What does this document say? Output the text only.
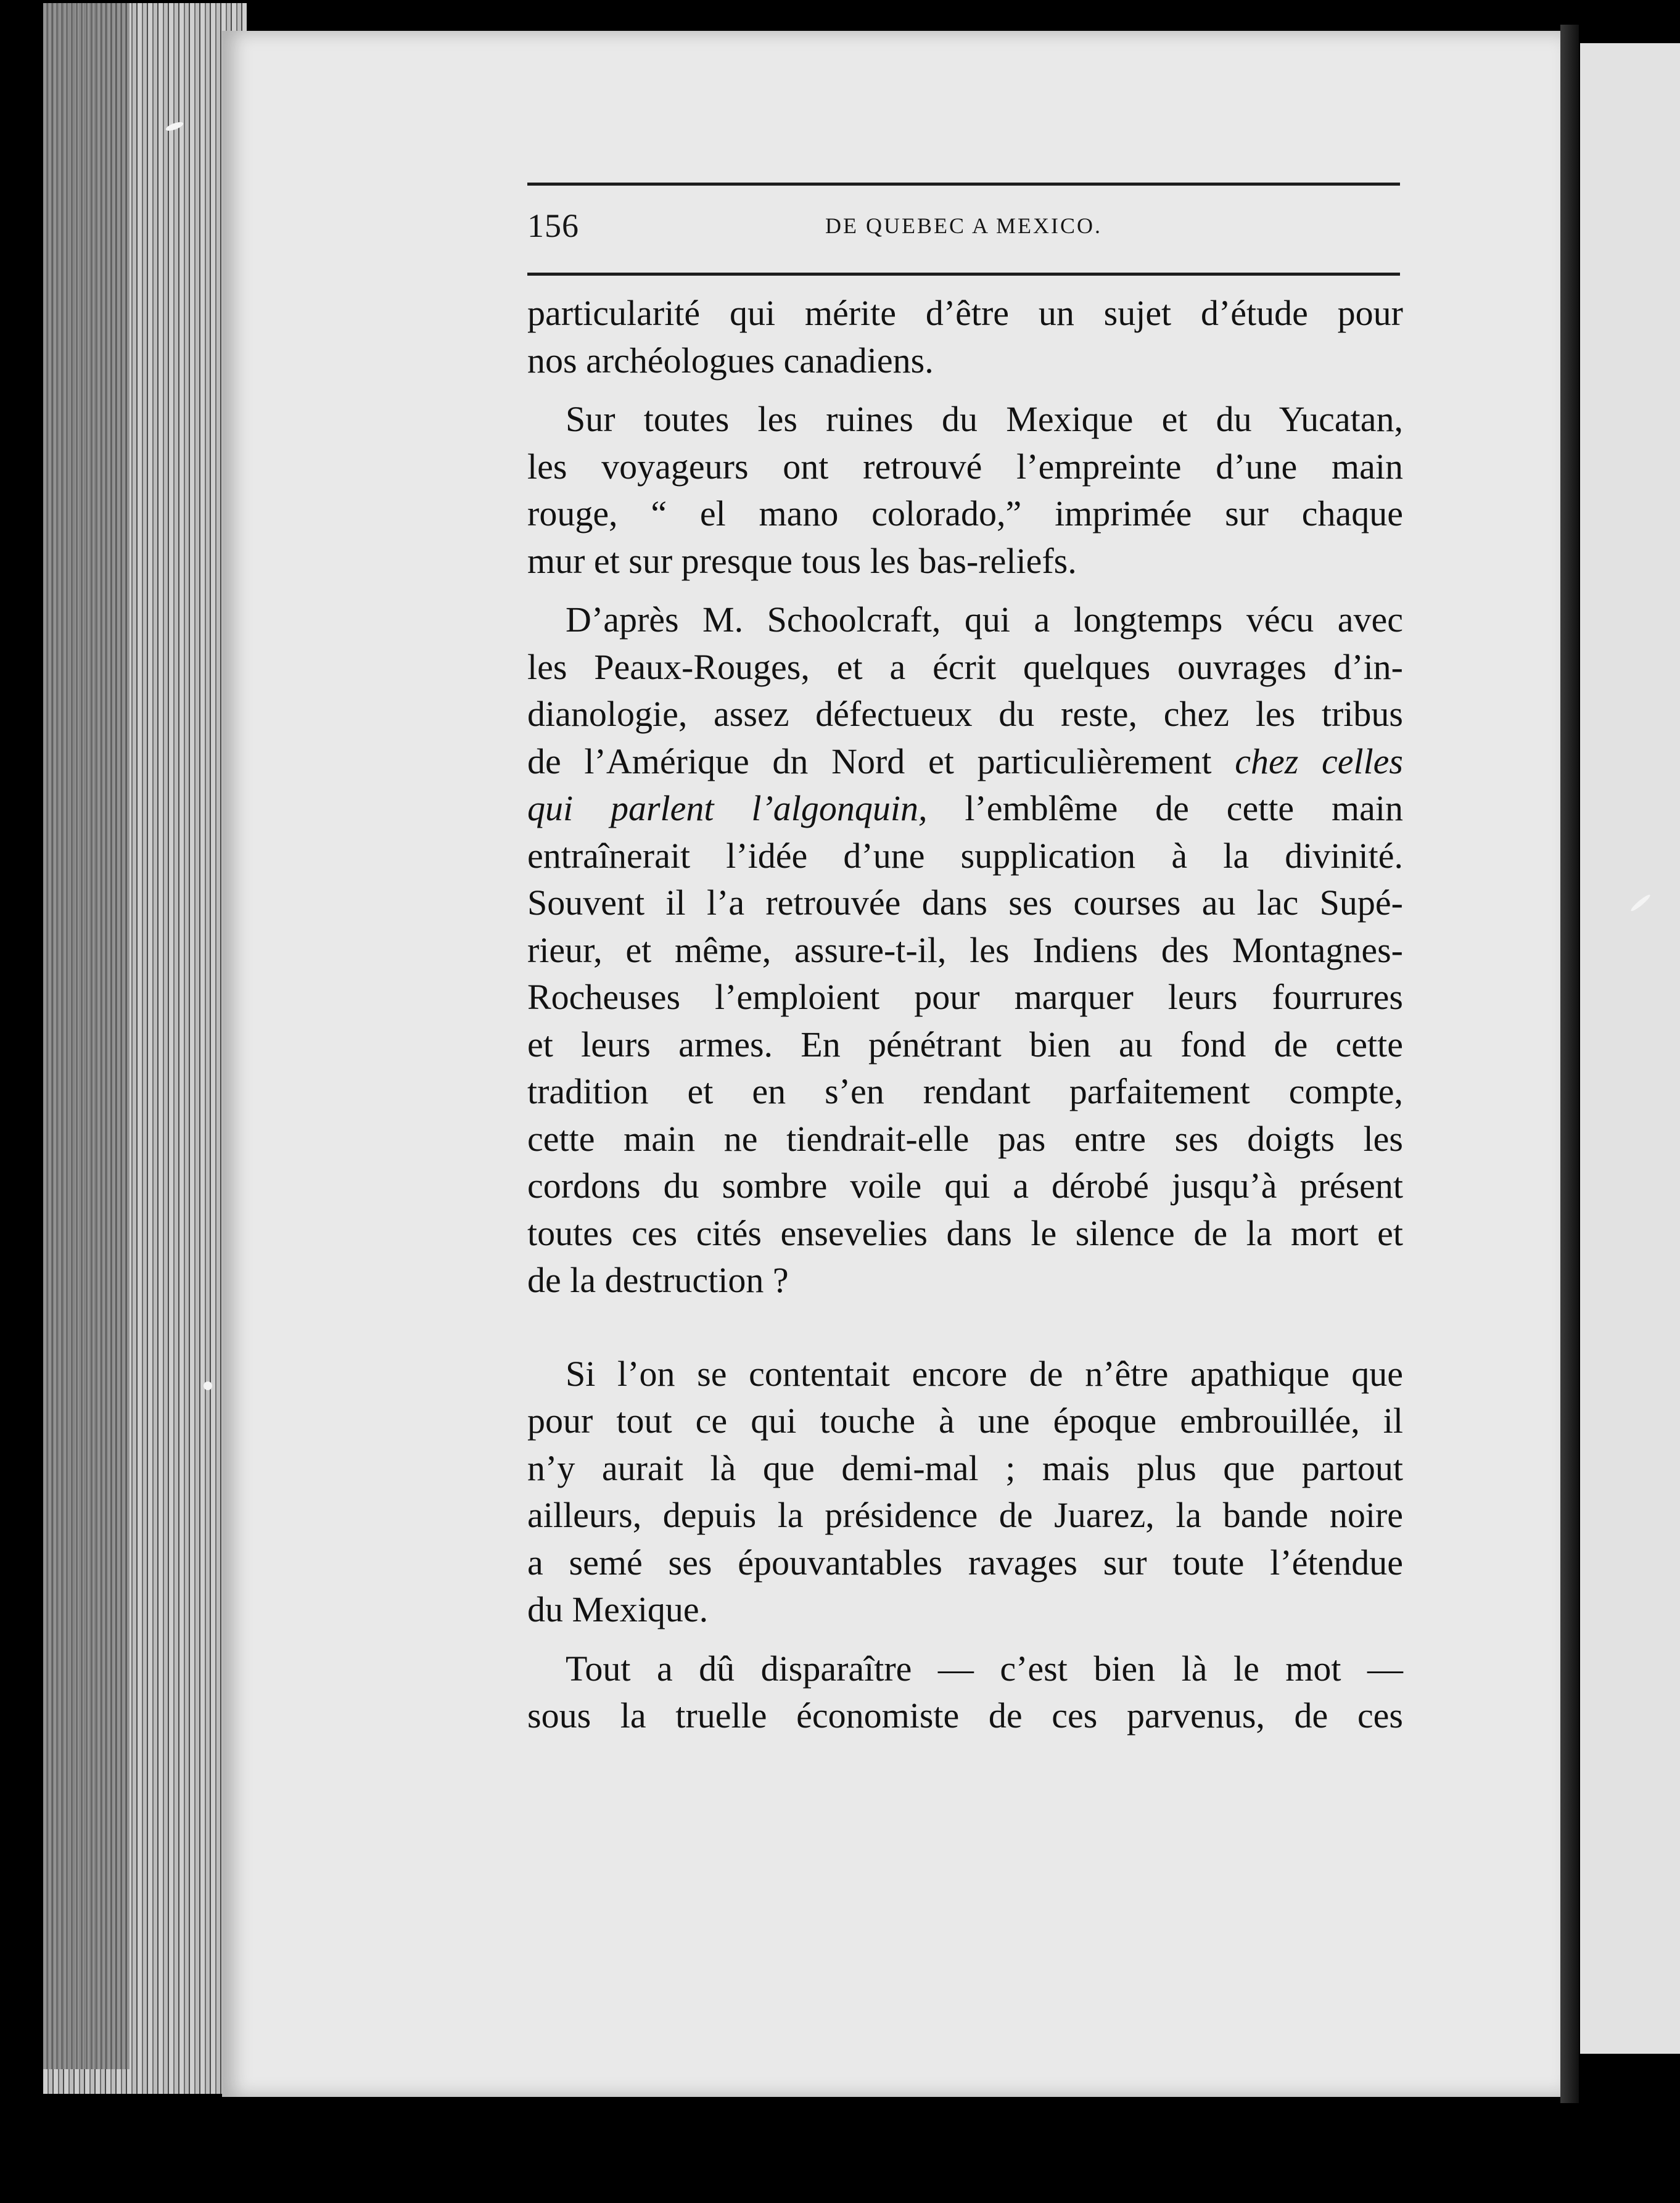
156	DE QUEBEC A MEXICO.
particularité qui mérite d’être un sujet d’étude pour
nos archéologues canadiens.
Sur toutes les ruines du Mexique et du Yucatan,
les voyageurs ont retrouvé l’empreinte d’une main
rouge, “ el mano colorado,” imprimée sur chaque
mur et sur presque tous les bas-reliefs.
D’après M. Schoolcraft, qui a longtemps vécu avec
les Peaux-Rouges, et a écrit quelques ouvrages d’in-
dianologie, assez défectueux du reste, chez les tribus
de l’Amérique dn Nord et particulièrement chez celles
qui parlent l’algonquin, l’emblême de cette main
entraînerait l’idée d’une supplication à la divinité.
Souvent il l’a retrouvée dans ses courses au lac Supé-
rieur, et même, assure-t-il, les Indiens des Montagnes-
Rocheuses l’emploient pour marquer leurs fourrures
et leurs armes. En pénétrant bien au fond de cette
tradition et en s’en rendant parfaitement compte,
cette main ne tiendrait-elle pas entre ses doigts les
cordons du sombre voile qui a dérobé jusqu’à présent
toutes ces cités ensevelies dans le silence de la mort et
de la destruction ?
Si l’on se contentait encore de n’être apathique que
pour tout ce qui touche à une époque embrouillée, il
n’y aurait là que demi-mal ; mais plus que partout
ailleurs, depuis la présidence de Juarez, la bande noire
a semé ses épouvantables ravages sur toute l’étendue
du Mexique.
Tout a dû disparaître — c’est bien là le mot —
sous la truelle économiste de ces parvenus, de ces
